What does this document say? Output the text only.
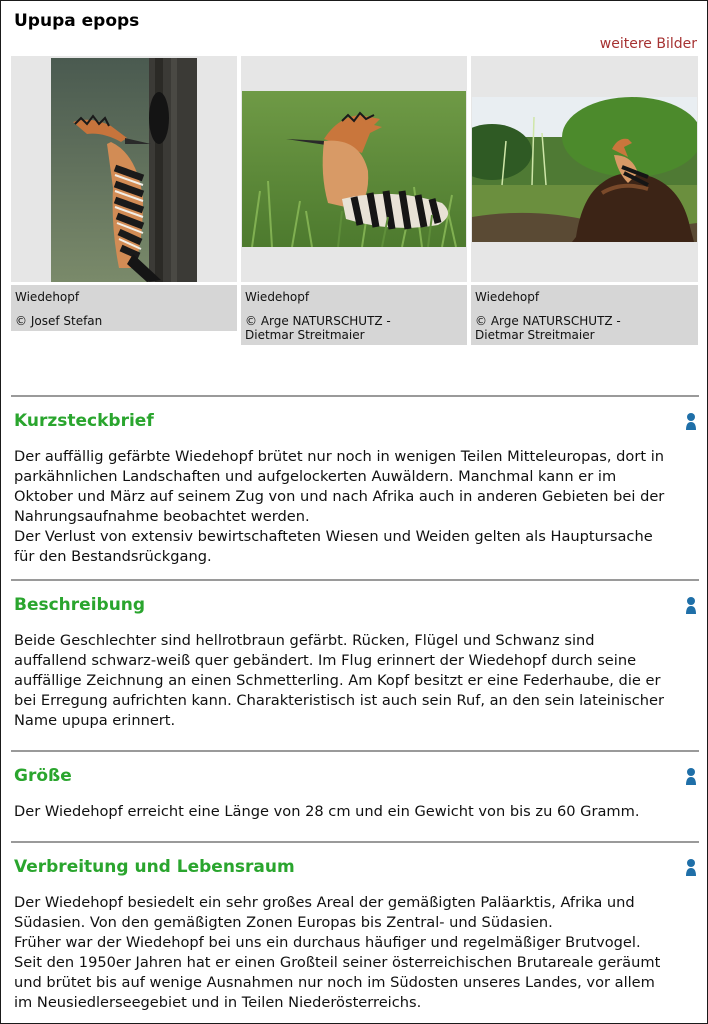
Upupa epops
weitere Bilder
Wiedehopf
© Josef Stefan
Wiedehopf
© Arge NATURSCHUTZ -
Dietmar Streitmaier
Wiedehopf
© Arge NATURSCHUTZ -
Dietmar Streitmaier
Kurzsteckbrief
Der auffällig gefärbte Wiedehopf brütet nur noch in wenigen Teilen Mitteleuropas, dort in
parkähnlichen Landschaften und aufgelockerten Auwäldern. Manchmal kann er im
Oktober und März auf seinem Zug von und nach Afrika auch in anderen Gebieten bei der
Nahrungsaufnahme beobachtet werden.
Der Verlust von extensiv bewirtschafteten Wiesen und Weiden gelten als Hauptursache
für den Bestandsrückgang.
Beschreibung
Beide Geschlechter sind hellrotbraun gefärbt. Rücken, Flügel und Schwanz sind
auffallend schwarz-weiß quer gebändert. Im Flug erinnert der Wiedehopf durch seine
auffällige Zeichnung an einen Schmetterling. Am Kopf besitzt er eine Federhaube, die er
bei Erregung aufrichten kann. Charakteristisch ist auch sein Ruf, an den sein lateinischer
Name upupa erinnert.
Größe
Der Wiedehopf erreicht eine Länge von 28 cm und ein Gewicht von bis zu 60 Gramm.
Verbreitung und Lebensraum
Der Wiedehopf besiedelt ein sehr großes Areal der gemäßigten Paläarktis, Afrika und
Südasien. Von den gemäßigten Zonen Europas bis Zentral- und Südasien.
Früher war der Wiedehopf bei uns ein durchaus häufiger und regelmäßiger Brutvogel.
Seit den 1950er Jahren hat er einen Großteil seiner österreichischen Brutareale geräumt
und brütet bis auf wenige Ausnahmen nur noch im Südosten unseres Landes, vor allem
im Neusiedlerseegebiet und in Teilen Niederösterreichs.
